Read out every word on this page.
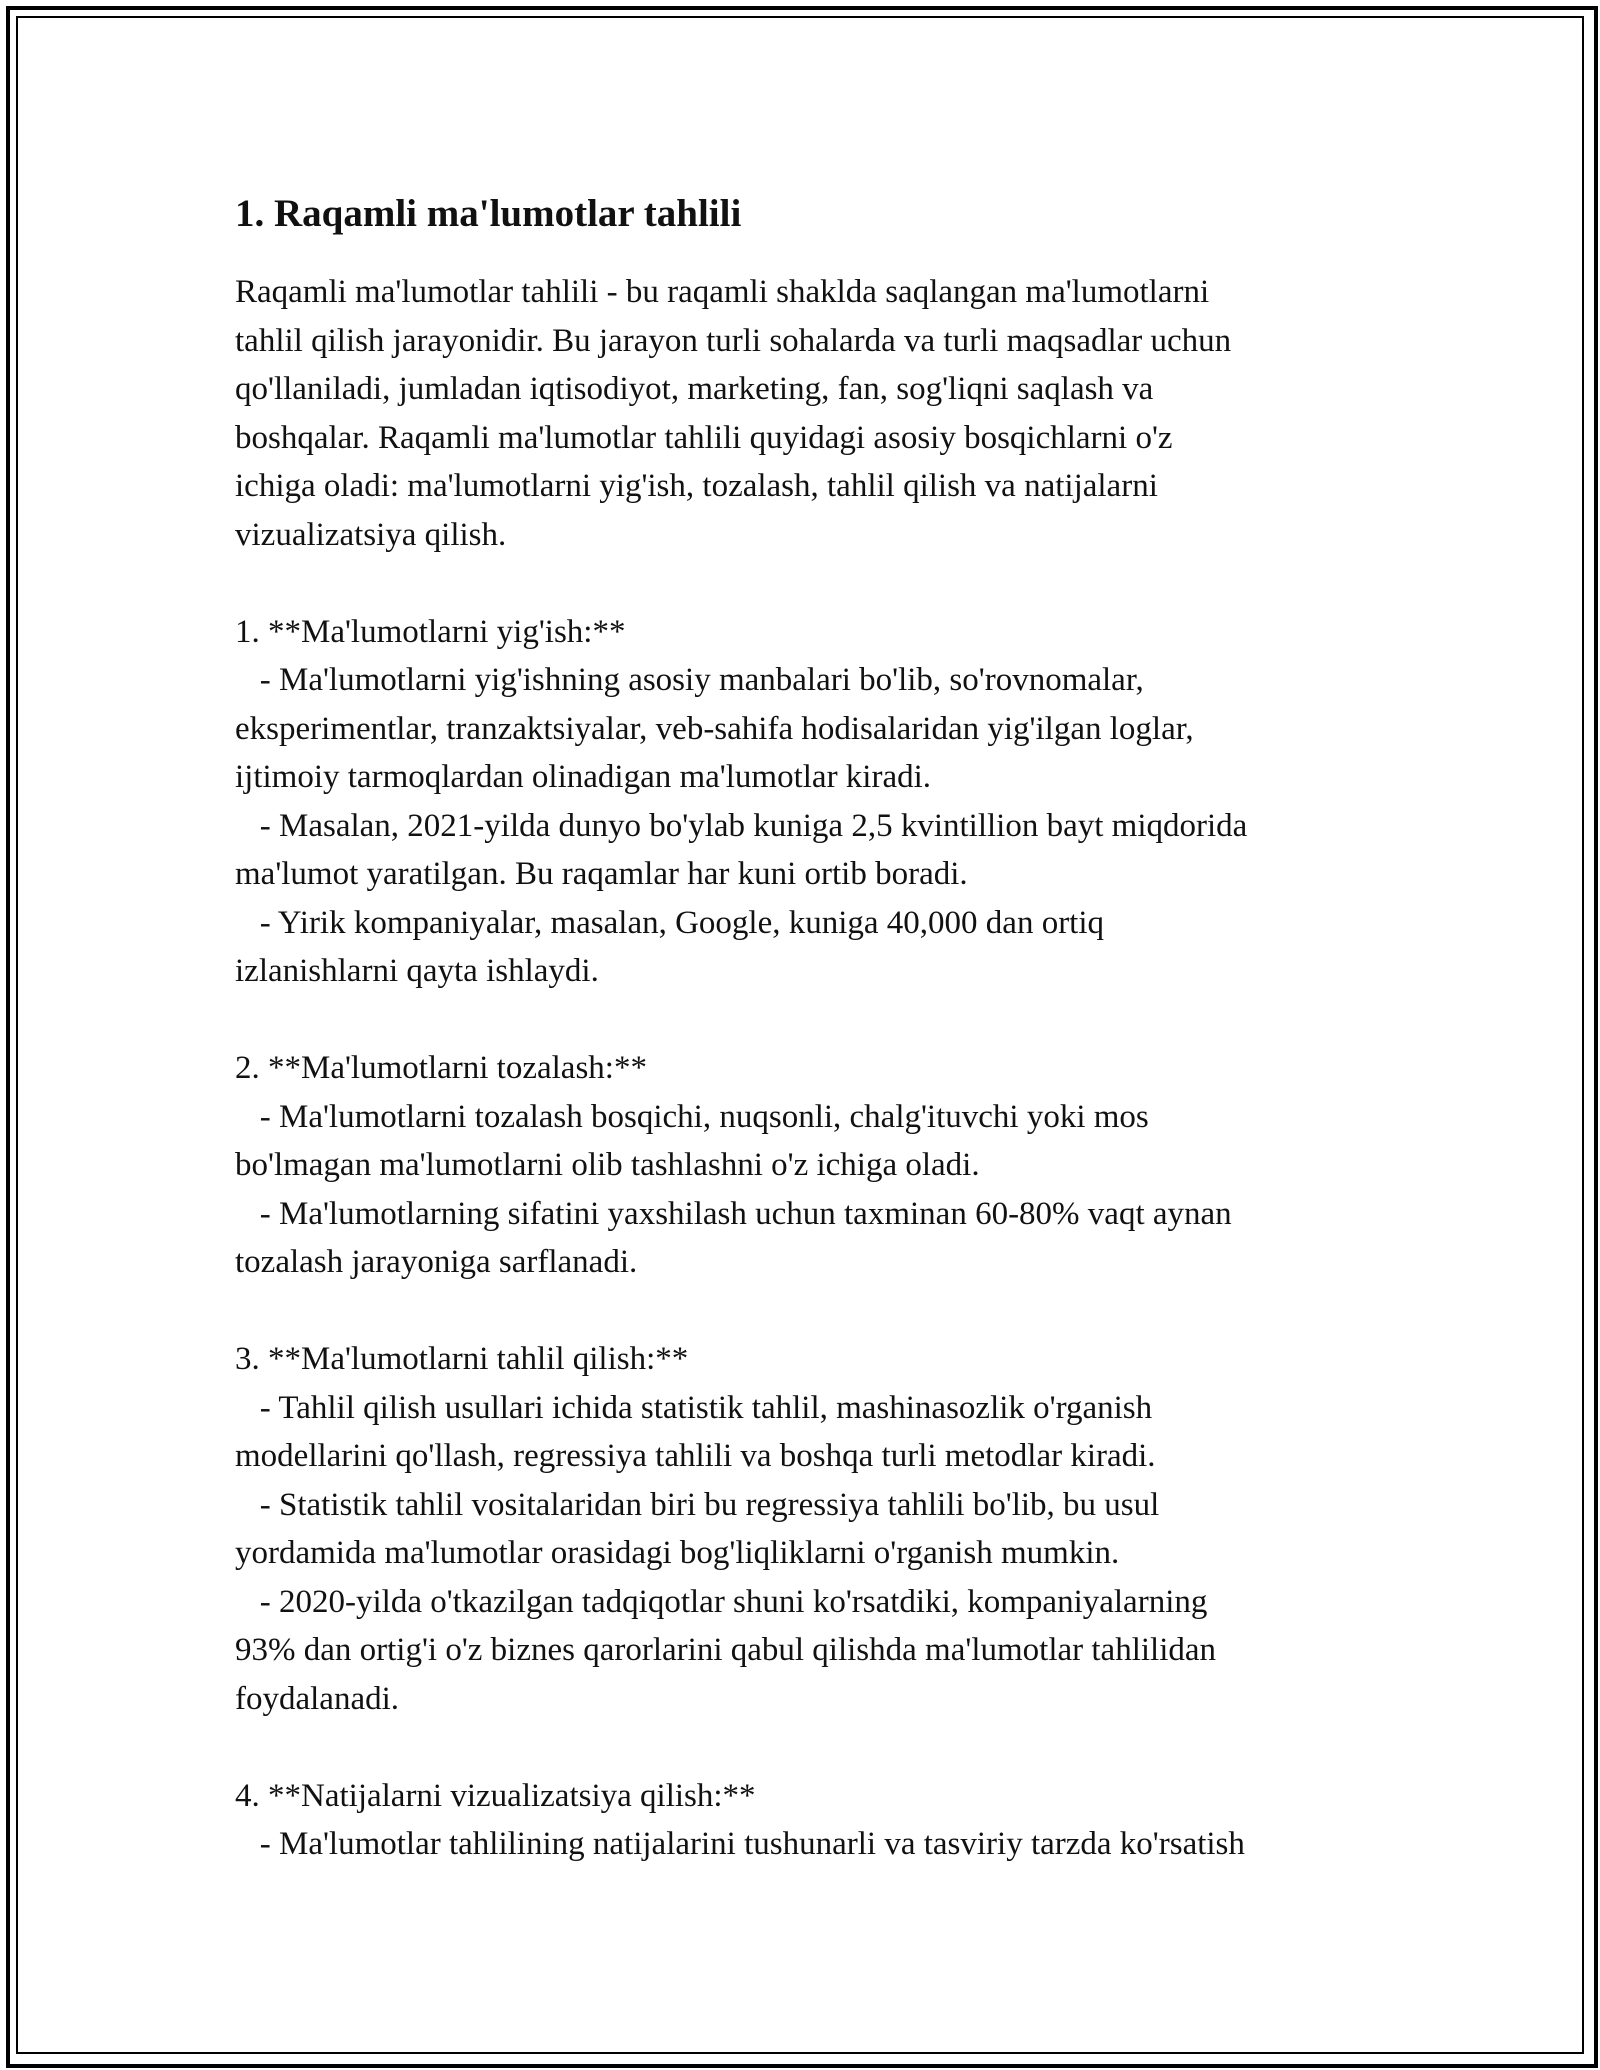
1. Raqamli ma'lumotlar tahlili
Raqamli ma'lumotlar tahlili - bu raqamli shaklda saqlangan ma'lumotlarni
tahlil qilish jarayonidir. Bu jarayon turli sohalarda va turli maqsadlar uchun
qo'llaniladi, jumladan iqtisodiyot, marketing, fan, sog'liqni saqlash va
boshqalar. Raqamli ma'lumotlar tahlili quyidagi asosiy bosqichlarni o'z
ichiga oladi: ma'lumotlarni yig'ish, tozalash, tahlil qilish va natijalarni
vizualizatsiya qilish.
1. **Ma'lumotlarni yig'ish:**
- Ma'lumotlarni yig'ishning asosiy manbalari bo'lib, so'rovnomalar,
eksperimentlar, tranzaktsiyalar, veb-sahifa hodisalaridan yig'ilgan loglar,
ijtimoiy tarmoqlardan olinadigan ma'lumotlar kiradi.
- Masalan, 2021-yilda dunyo bo'ylab kuniga 2,5 kvintillion bayt miqdorida
ma'lumot yaratilgan. Bu raqamlar har kuni ortib boradi.
- Yirik kompaniyalar, masalan, Google, kuniga 40,000 dan ortiq
izlanishlarni qayta ishlaydi.
2. **Ma'lumotlarni tozalash:**
- Ma'lumotlarni tozalash bosqichi, nuqsonli, chalg'ituvchi yoki mos
bo'lmagan ma'lumotlarni olib tashlashni o'z ichiga oladi.
- Ma'lumotlarning sifatini yaxshilash uchun taxminan 60-80% vaqt aynan
tozalash jarayoniga sarflanadi.
3. **Ma'lumotlarni tahlil qilish:**
- Tahlil qilish usullari ichida statistik tahlil, mashinasozlik o'rganish
modellarini qo'llash, regressiya tahlili va boshqa turli metodlar kiradi.
- Statistik tahlil vositalaridan biri bu regressiya tahlili bo'lib, bu usul
yordamida ma'lumotlar orasidagi bog'liqliklarni o'rganish mumkin.
- 2020-yilda o'tkazilgan tadqiqotlar shuni ko'rsatdiki, kompaniyalarning
93% dan ortig'i o'z biznes qarorlarini qabul qilishda ma'lumotlar tahlilidan
foydalanadi.
4. **Natijalarni vizualizatsiya qilish:**
- Ma'lumotlar tahlilining natijalarini tushunarli va tasviriy tarzda ko'rsatish
